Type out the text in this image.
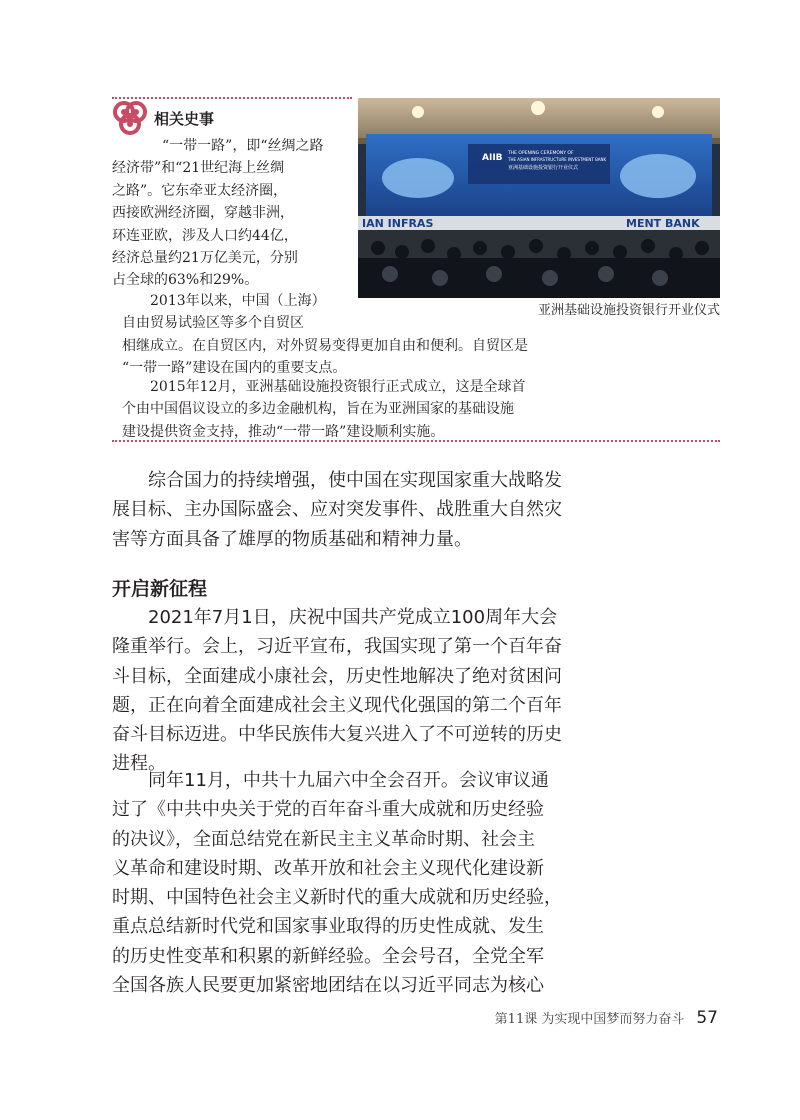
相关史事

“一带一路”，即“丝绸之路
经济带”和“21世纪海上丝绸
之路”。它东牵亚太经济圈，
西接欧洲经济圈，穿越非洲，
环连亚欧，涉及人口约44亿，
经济总量约21万亿美元，分别
占全球的63%和29%。

2013年以来，中国（上海）
自由贸易试验区等多个自贸区
相继成立。在自贸区内，对外贸易变得更加自由和便利。自贸区是
“一带一路”建设在国内的重要支点。

2015年12月，亚洲基础设施投资银行正式成立，这是全球首
个由中国倡议设立的多边金融机构，旨在为亚洲国家的基础设施
建设提供资金支持，推动“一带一路”建设顺利实施。

AIIB THE OPENING CEREMONY OF
THE ASIAN INFRASTRUCTURE INVESTMENT BANK
亚洲基础设施投资银行开业仪式
IAN INFRAS	MENT BANK
亚洲基础设施投资银行开业仪式

综合国力的持续增强，使中国在实现国家重大战略发
展目标、主办国际盛会、应对突发事件、战胜重大自然灾
害等方面具备了雄厚的物质基础和精神力量。

开启新征程

2021年7月1日，庆祝中国共产党成立100周年大会
隆重举行。会上，习近平宣布，我国实现了第一个百年奋
斗目标，全面建成小康社会，历史性地解决了绝对贫困问
题，正在向着全面建成社会主义现代化强国的第二个百年
奋斗目标迈进。中华民族伟大复兴进入了不可逆转的历史
进程。

同年11月，中共十九届六中全会召开。会议审议通
过了《中共中央关于党的百年奋斗重大成就和历史经验
的决议》，全面总结党在新民主主义革命时期、社会主
义革命和建设时期、改革开放和社会主义现代化建设新
时期、中国特色社会主义新时代的重大成就和历史经验，
重点总结新时代党和国家事业取得的历史性成就、发生
的历史性变革和积累的新鲜经验。全会号召，全党全军
全国各族人民要更加紧密地团结在以习近平同志为核心

第11课 为实现中国梦而努力奋斗 57
